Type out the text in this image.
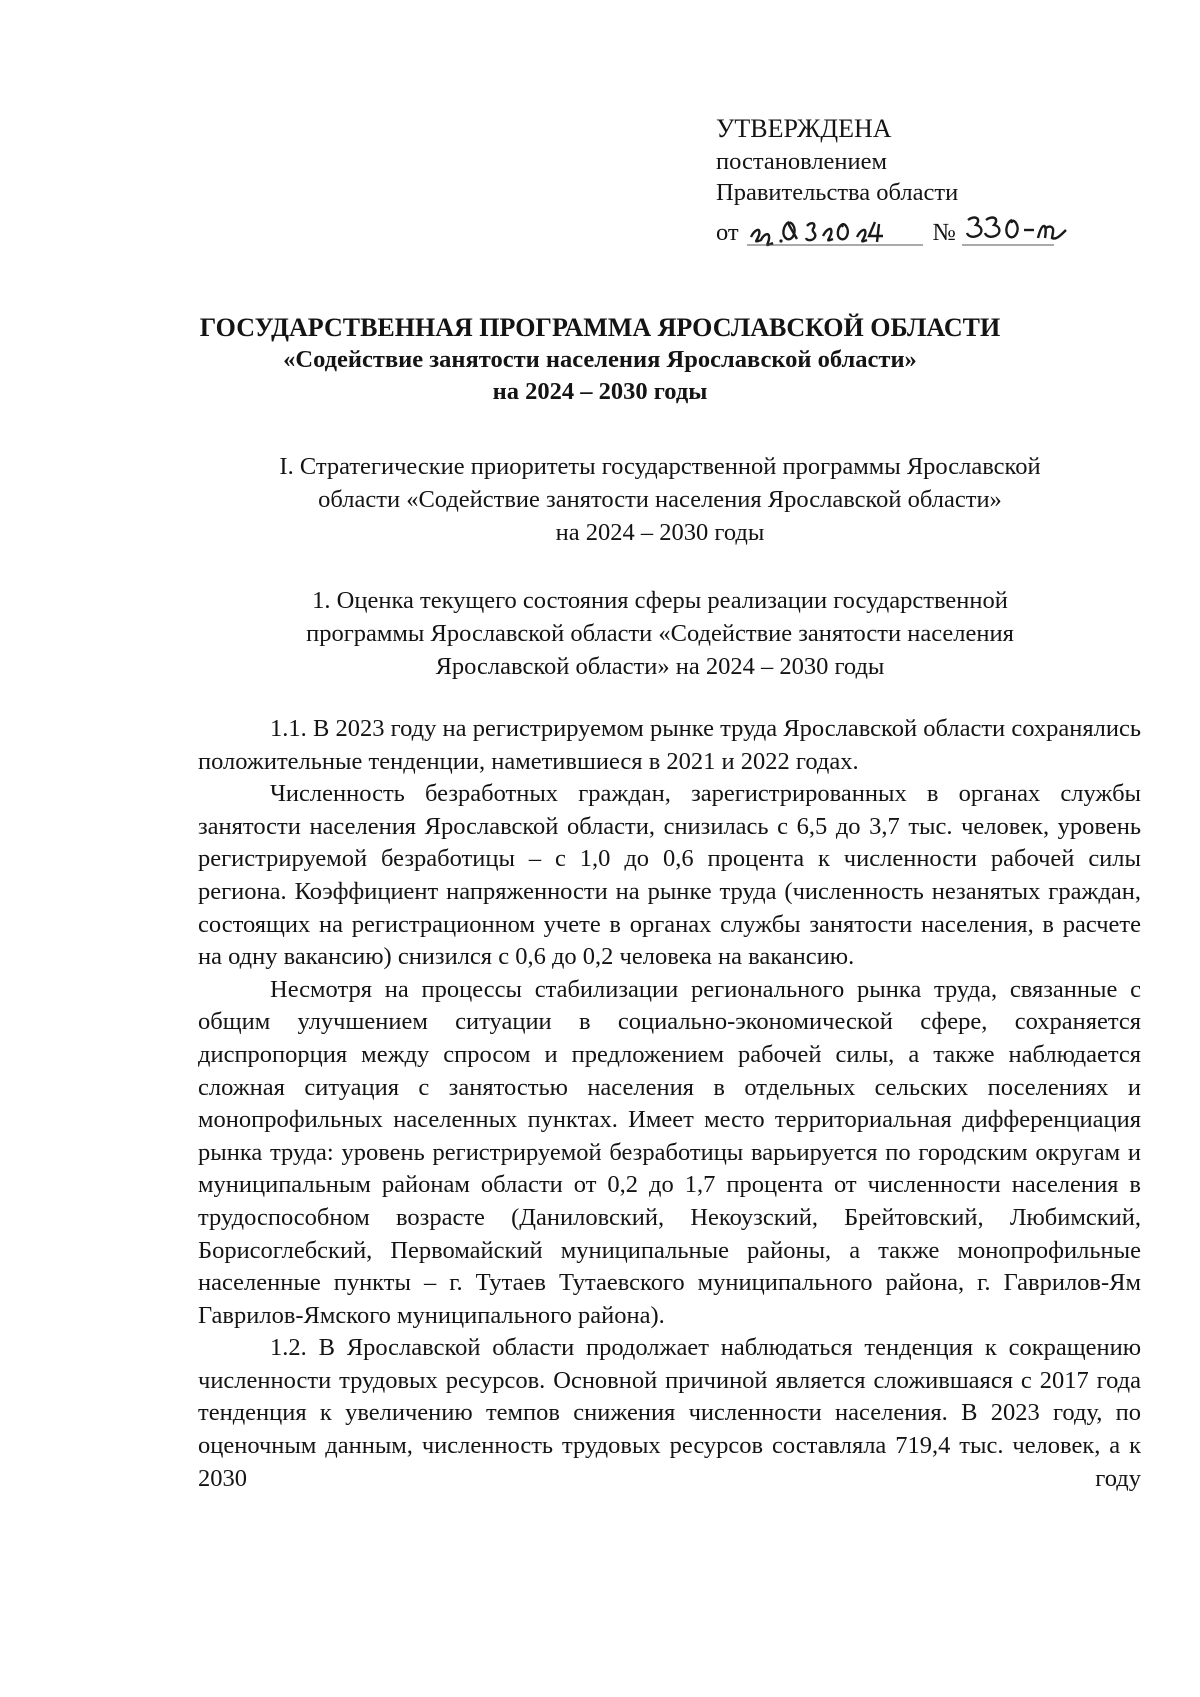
УТВЕРЖДЕНА
постановлением
Правительства области
от	№
ГОСУДАРСТВЕННАЯ ПРОГРАММА ЯРОСЛАВСКОЙ ОБЛАСТИ
«Содействие занятости населения Ярославской области»
на 2024 – 2030 годы
I. Стратегические приоритеты государственной программы Ярославской
области «Содействие занятости населения Ярославской области»
на 2024 – 2030 годы
1. Оценка текущего состояния сферы реализации государственной
программы Ярославской области «Содействие занятости населения
Ярославской области» на 2024 – 2030 годы

1.1. В 2023 году на регистрируемом рынке труда Ярославской области сохранялись положительные тенденции, наметившиеся в 2021 и 2022 годах.

Численность безработных граждан, зарегистрированных в органах службы занятости населения Ярославской области, снизилась с 6,5 до 3,7 тыс. человек, уровень регистрируемой безработицы – с 1,0 до 0,6 процента к численности рабочей силы региона. Коэффициент напряженности на рынке труда (численность незанятых граждан, состоящих на регистрационном учете в органах службы занятости населения, в расчете на одну вакансию) снизился с 0,6 до 0,2 человека на вакансию.

Несмотря на процессы стабилизации регионального рынка труда, связанные с общим улучшением ситуации в социально-экономической сфере, сохраняется диспропорция между спросом и предложением рабочей силы, а также наблюдается сложная ситуация с занятостью населения в отдельных сельских поселениях и монопрофильных населенных пунктах. Имеет место территориальная дифференциация рынка труда: уровень регистрируемой безработицы варьируется по городским округам и муниципальным районам области от 0,2 до 1,7 процента от численности населения в трудоспособном возрасте (Даниловский, Некоузский, Брейтовский, Любимский, Борисоглебский, Первомайский муниципальные районы, а также монопрофильные населенные пункты – г. Тутаев Тутаевского муниципального района, г. Гаврилов-Ям Гаврилов-Ямского муниципального района).

1.2. В Ярославской области продолжает наблюдаться тенденция к сокращению численности трудовых ресурсов. Основной причиной является сложившаяся с 2017 года тенденция к увеличению темпов снижения численности населения. В 2023 году, по оценочным данным, численность трудовых ресурсов составляла 719,4 тыс. человек, а к 2030 году
